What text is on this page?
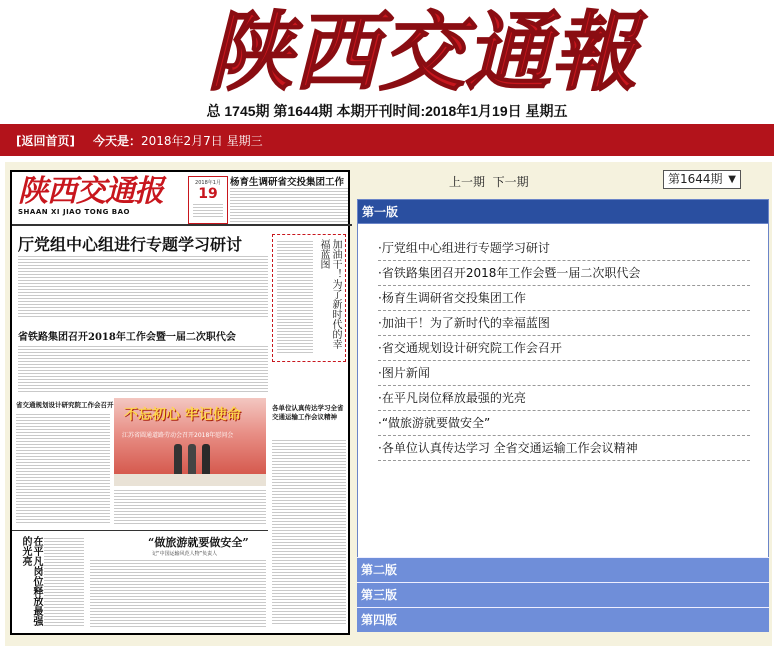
陕西交通報
总 1745期 第1644期 本期开刊时间:2018年1月19日 星期五
[返回首页] 今天是： 2018年2月7日 星期三
陕西交通报
SHAAN XI JIAO TONG BAO
2018年1月
19
杨育生调研省交投集团工作
厅党组中心组进行专题学习研讨	加油干！为了新时代的幸福蓝图
省铁路集团召开2018年工作会暨一届二次职代会
省交通规划设计研究院工作会召开
不忘初心 牢记使命
江苏省圆通道路劳动会召开2018年慰问会
各单位认真传达学习全省交通运输工作会议精神
在平凡岗位释放最强的光亮	“做旅游就要做安全”
记“中国运输风范人物”负责人
上一期 下一期	第1644期 ▼
第一版
·厅党组中心组进行专题学习研讨
·省铁路集团召开2018年工作会暨一届二次职代会
·杨育生调研省交投集团工作
·加油干！为了新时代的幸福蓝图
·省交通规划设计研究院工作会召开
·图片新闻
·在平凡岗位释放最强的光亮
·“做旅游就要做安全”
·各单位认真传达学习 全省交通运输工作会议精神
第二版
第三版
第四版
